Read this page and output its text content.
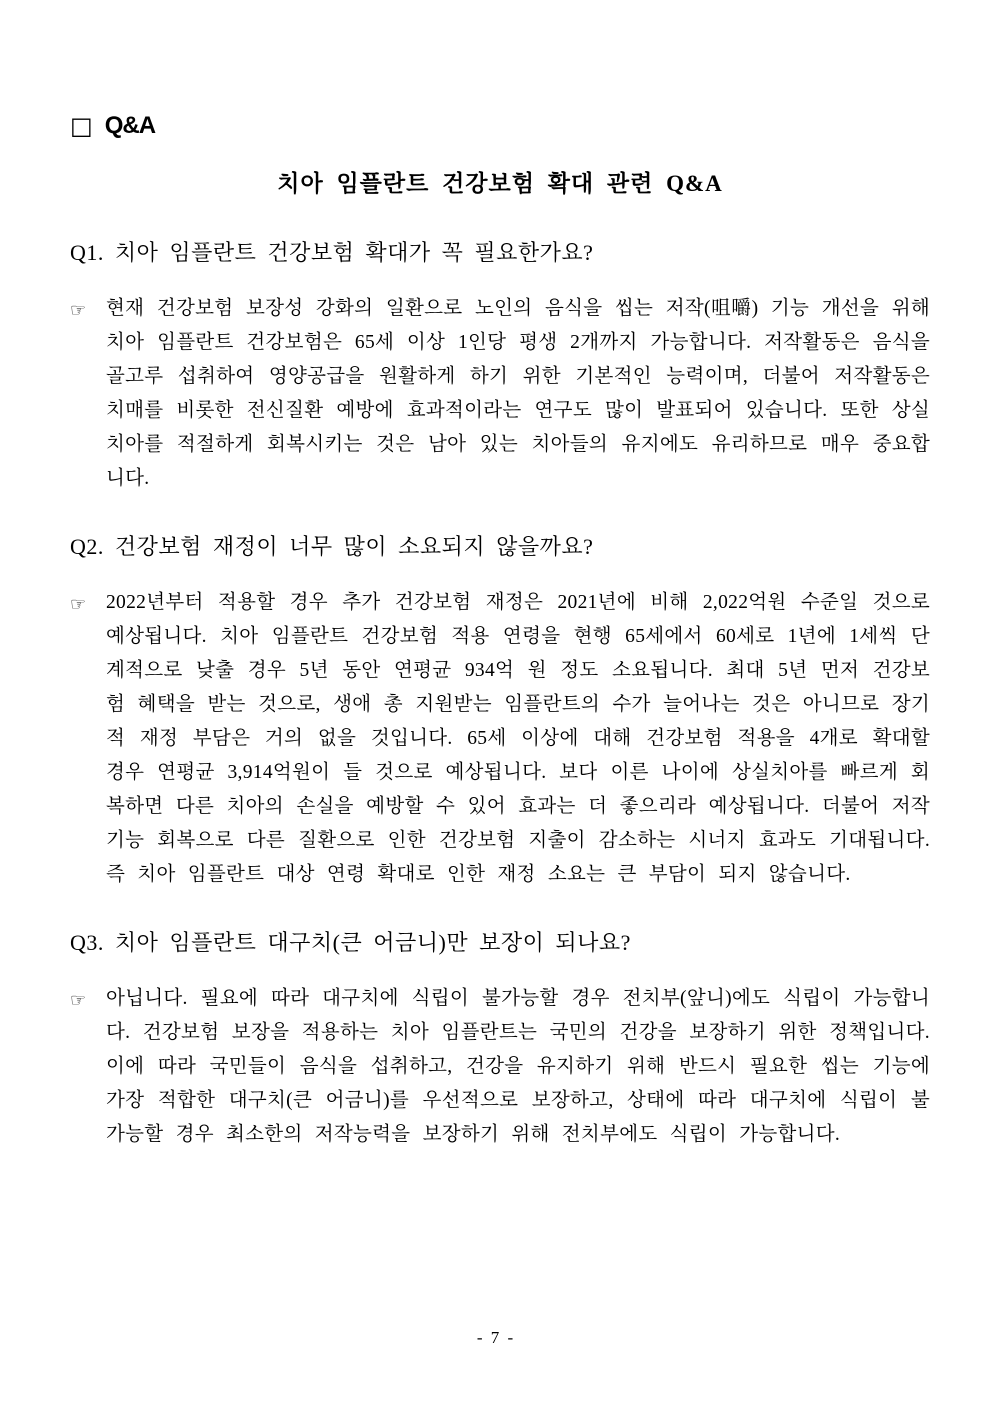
□ Q&A
치아 임플란트 건강보험 확대 관련 Q&A
Q1. 치아 임플란트 건강보험 확대가 꼭 필요한가요?
☞ 현재 건강보험 보장성 강화의 일환으로 노인의 음식을 씹는 저작(咀嚼) 기능 개선을 위해 치아 임플란트 건강보험은 65세 이상 1인당 평생 2개까지 가능합니다. 저작활동은 음식을 골고루 섭취하여 영양공급을 원활하게 하기 위한 기본적인 능력이며, 더불어 저작활동은 치매를 비롯한 전신질환 예방에 효과적이라는 연구도 많이 발표되어 있습니다. 또한 상실치아를 적절하게 회복시키는 것은 남아 있는 치아들의 유지에도 유리하므로 매우 중요합니다.

Q2. 건강보험 재정이 너무 많이 소요되지 않을까요?
☞ 2022년부터 적용할 경우 추가 건강보험 재정은 2021년에 비해 2,022억원 수준일 것으로 예상됩니다. 치아 임플란트 건강보험 적용 연령을 현행 65세에서 60세로 1년에 1세씩 단계적으로 낮출 경우 5년 동안 연평균 934억 원 정도 소요됩니다. 최대 5년 먼저 건강보험 혜택을 받는 것으로, 생애 총 지원받는 임플란트의 수가 늘어나는 것은 아니므로 장기적 재정 부담은 거의 없을 것입니다. 65세 이상에 대해 건강보험 적용을 4개로 확대할 경우 연평균 3,914억원이 들 것으로 예상됩니다. 보다 이른 나이에 상실치아를 빠르게 회복하면 다른 치아의 손실을 예방할 수 있어 효과는 더 좋으리라 예상됩니다. 더불어 저작기능 회복으로 다른 질환으로 인한 건강보험 지출이 감소하는 시너지 효과도 기대됩니다. 즉 치아 임플란트 대상 연령 확대로 인한 재정 소요는 큰 부담이 되지 않습니다.

Q3. 치아 임플란트 대구치(큰 어금니)만 보장이 되나요?
☞ 아닙니다. 필요에 따라 대구치에 식립이 불가능할 경우 전치부(앞니)에도 식립이 가능합니다. 건강보험 보장을 적용하는 치아 임플란트는 국민의 건강을 보장하기 위한 정책입니다. 이에 따라 국민들이 음식을 섭취하고, 건강을 유지하기 위해 반드시 필요한 씹는 기능에 가장 적합한 대구치(큰 어금니)를 우선적으로 보장하고, 상태에 따라 대구치에 식립이 불가능할 경우 최소한의 저작능력을 보장하기 위해 전치부에도 식립이 가능합니다.

- 7 -
